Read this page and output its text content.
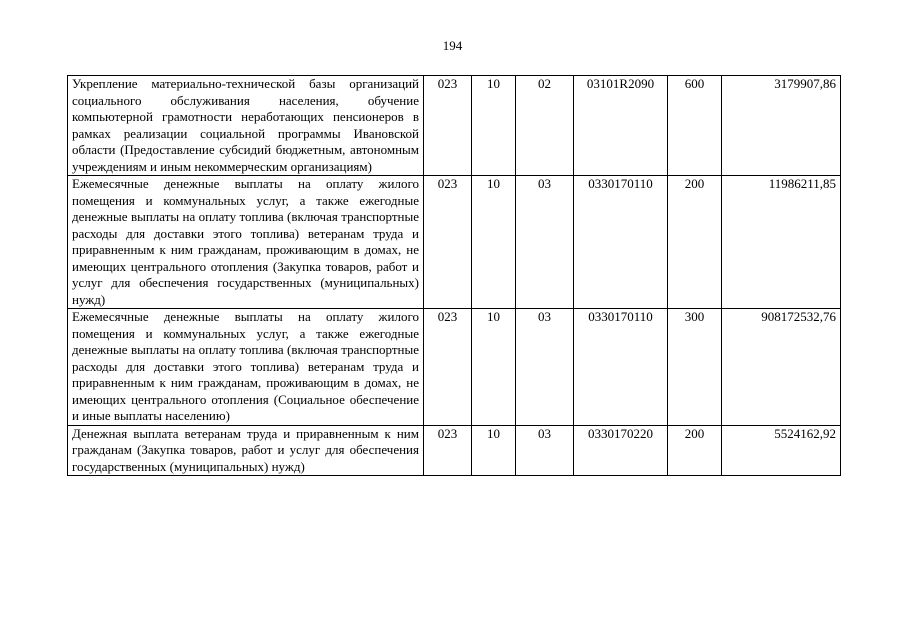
194
Укрепление материально-технической базы организаций социального обслуживания населения, обучение компьютерной грамотности неработающих пенсионеров в рамках реализации социальной программы Ивановской области (Предоставление субсидий бюджетным, автономным учреждениям и иным некоммерческим организациям)	023	10	02	03101R2090	600	3179907,86
Ежемесячные денежные выплаты на оплату жилого помещения и коммунальных услуг, а также ежегодные денежные выплаты на оплату топлива (включая транспортные расходы для доставки этого топлива) ветеранам труда и приравненным к ним гражданам, проживающим в домах, не имеющих центрального отопления (Закупка товаров, работ и услуг для обеспечения государственных (муниципальных) нужд)	023	10	03	0330170110	200	11986211,85
Ежемесячные денежные выплаты на оплату жилого помещения и коммунальных услуг, а также ежегодные денежные выплаты на оплату топлива (включая транспортные расходы для доставки этого топлива) ветеранам труда и приравненным к ним гражданам, проживающим в домах, не имеющих центрального отопления (Социальное обеспечение и иные выплаты населению)	023	10	03	0330170110	300	908172532,76
Денежная выплата ветеранам труда и приравненным к ним гражданам (Закупка товаров, работ и услуг для обеспечения государственных (муниципальных) нужд)	023	10	03	0330170220	200	5524162,92
